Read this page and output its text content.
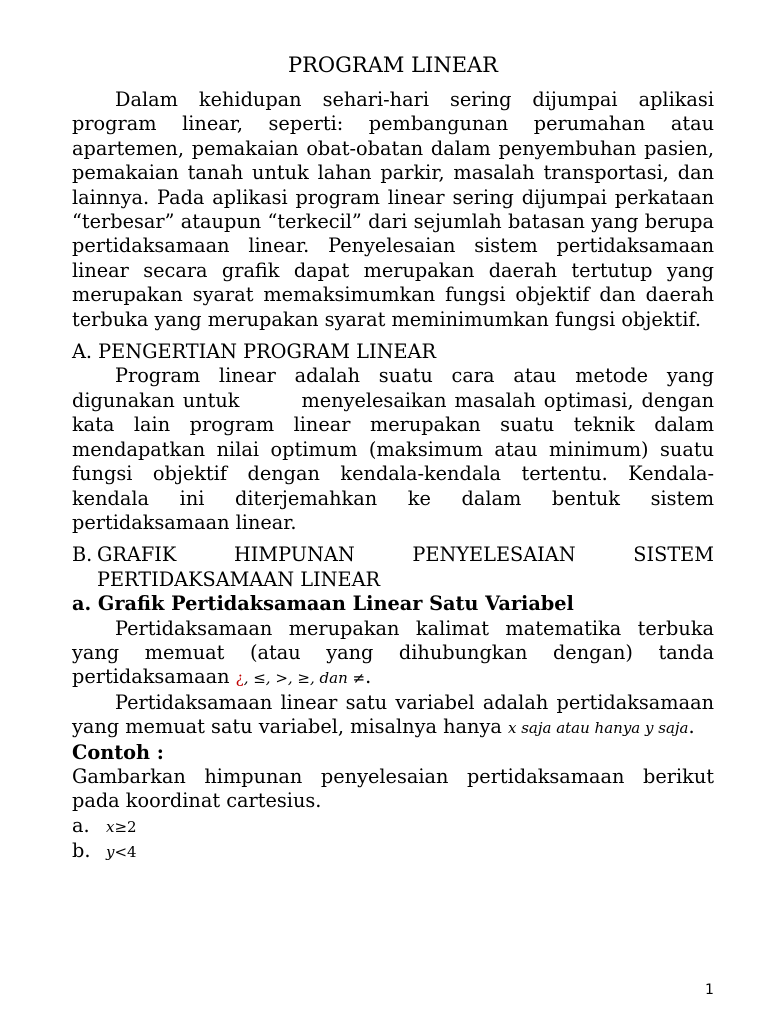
PROGRAM LINEAR

Dalam kehidupan sehari-hari sering dijumpai aplikasi program linear, seperti: pembangunan perumahan atau apartemen, pemakaian obat-obatan dalam penyembuhan pasien, pemakaian tanah untuk lahan parkir, masalah transportasi, dan lainnya. Pada aplikasi program linear sering dijumpai perkataan “terbesar” ataupun “terkecil” dari sejumlah batasan yang berupa pertidaksamaan linear. Penyelesaian sistem pertidaksamaan linear secara grafik dapat merupakan daerah tertutup yang merupakan syarat memaksimumkan fungsi objektif dan daerah terbuka yang merupakan syarat meminimumkan fungsi objektif.

A. PENGERTIAN PROGRAM LINEAR

Program linear adalah suatu cara atau metode yang digunakan untuk	menyelesaikan masalah optimasi, dengan kata lain program linear merupakan suatu teknik dalam mendapatkan nilai optimum (maksimum atau minimum) suatu fungsi objektif dengan kendala-kendala tertentu. Kendala-kendala ini diterjemahkan ke dalam bentuk sistem pertidaksamaan linear.

B. GRAFIK HIMPUNAN PENYELESAIAN SISTEM
PERTIDAKSAMAAN LINEAR
a. Grafik Pertidaksamaan Linear Satu Variabel

Pertidaksamaan merupakan kalimat matematika terbuka yang memuat (atau yang dihubungkan dengan) tanda pertidaksamaan ¿, ≤, >, ≥, dan ≠.

Pertidaksamaan linear satu variabel adalah pertidaksamaan yang memuat satu variabel, misalnya hanya x saja atau hanya y saja.

Contoh :

Gambarkan himpunan penyelesaian pertidaksamaan berikut pada koordinat cartesius.

a. x≥2
b. y<4
1
